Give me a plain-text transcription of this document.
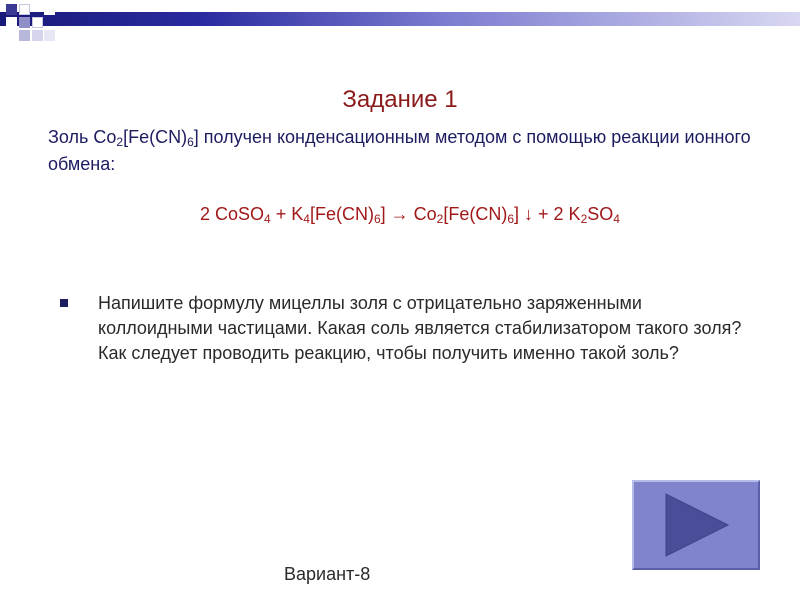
Задание 1
Золь $Co_2[Fe(CN)_6]$ получен конденсационным методом с помощью реакции ионного обмена:
2 CoSO$_4$ + $K_4[Fe(CN)_6] \to Co_2[Fe(CN)_6]$ ↓ + 2 $K_2SO_4$
Напишите формулу мицеллы золя с отрицательно заряженными коллоидными частицами. Какая соль является стабилизатором такого золя? Как следует проводить реакцию, чтобы получить именно такой золь?
Вариант-8
